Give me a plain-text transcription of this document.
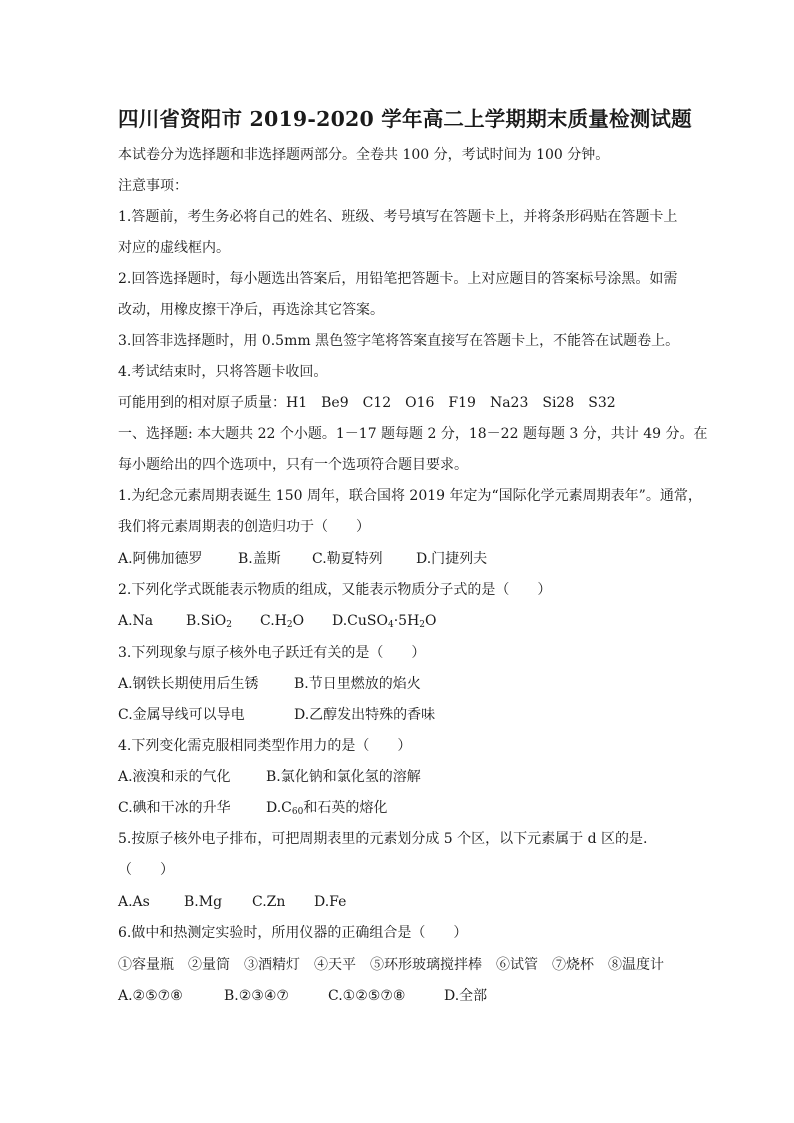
四川省资阳市 2019-2020 学年高二上学期期末质量检测试题
本试卷分为选择题和非选择题两部分。全卷共 100 分，考试时间为 100 分钟。
注意事项：
1.答题前，考生务必将自己的姓名、班级、考号填写在答题卡上，并将条形码贴在答题卡上
对应的虚线框内。
2.回答选择题时，每小题选出答案后，用铅笔把答题卡。上对应题目的答案标号涂黑。如需
改动，用橡皮擦干净后，再选涂其它答案。
3.回答非选择题时，用 0.5mm 黑色签字笔将答案直接写在答题卡上，不能答在试题卷上。
4.考试结束时，只将答题卡收回。
可能用到的相对原子质量：H1　Be9　C12　O16　F19　Na23　Si28　S32
一、选择题: 本大题共 22 个小题。1－17 题每题 2 分，18－22 题每题 3 分，共计 49 分。在
每小题给出的四个选项中，只有一个选项符合题目要求。
1.为纪念元素周期表诞生 150 周年，联合国将 2019 年定为“国际化学元素周期表年”。通常，
我们将元素周期表的创造归功于（　　）
A.阿佛加德罗	B.盖斯 C.勒夏特列 D.门捷列夫
2.下列化学式既能表示物质的组成，又能表示物质分子式的是（　　）
A.Na B.SiO$_2$ $C.H_2O$ $D.CuSO_4\cdot 5H_2O$
3.下列现象与原子核外电子跃迁有关的是（　　）
A.钢铁长期使用后生锈	B.节日里燃放的焰火
C.金属导线可以导电	D.乙醇发出特殊的香味
4.下列变化需克服相同类型作用力的是（　　）
A.液溴和汞的气化	B.氯化钠和氯化氢的溶解
C.碘和干冰的升华	$D.C_{60}$和石英的熔化
5.按原子核外电子排布，可把周期表里的元素划分成 5 个区，以下元素属于 d 区的是.
（　　）
A.As B.Mg C.Zn D.Fe
6.做中和热测定实验时，所用仪器的正确组合是（　　）
①容量瓶　②量筒　③酒精灯　④天平　⑤环形玻璃搅拌棒　⑥试管　⑦烧杯　⑧温度计
A.②⑤⑦⑧	B.②③④⑦	C.①②⑤⑦⑧	D.全部
